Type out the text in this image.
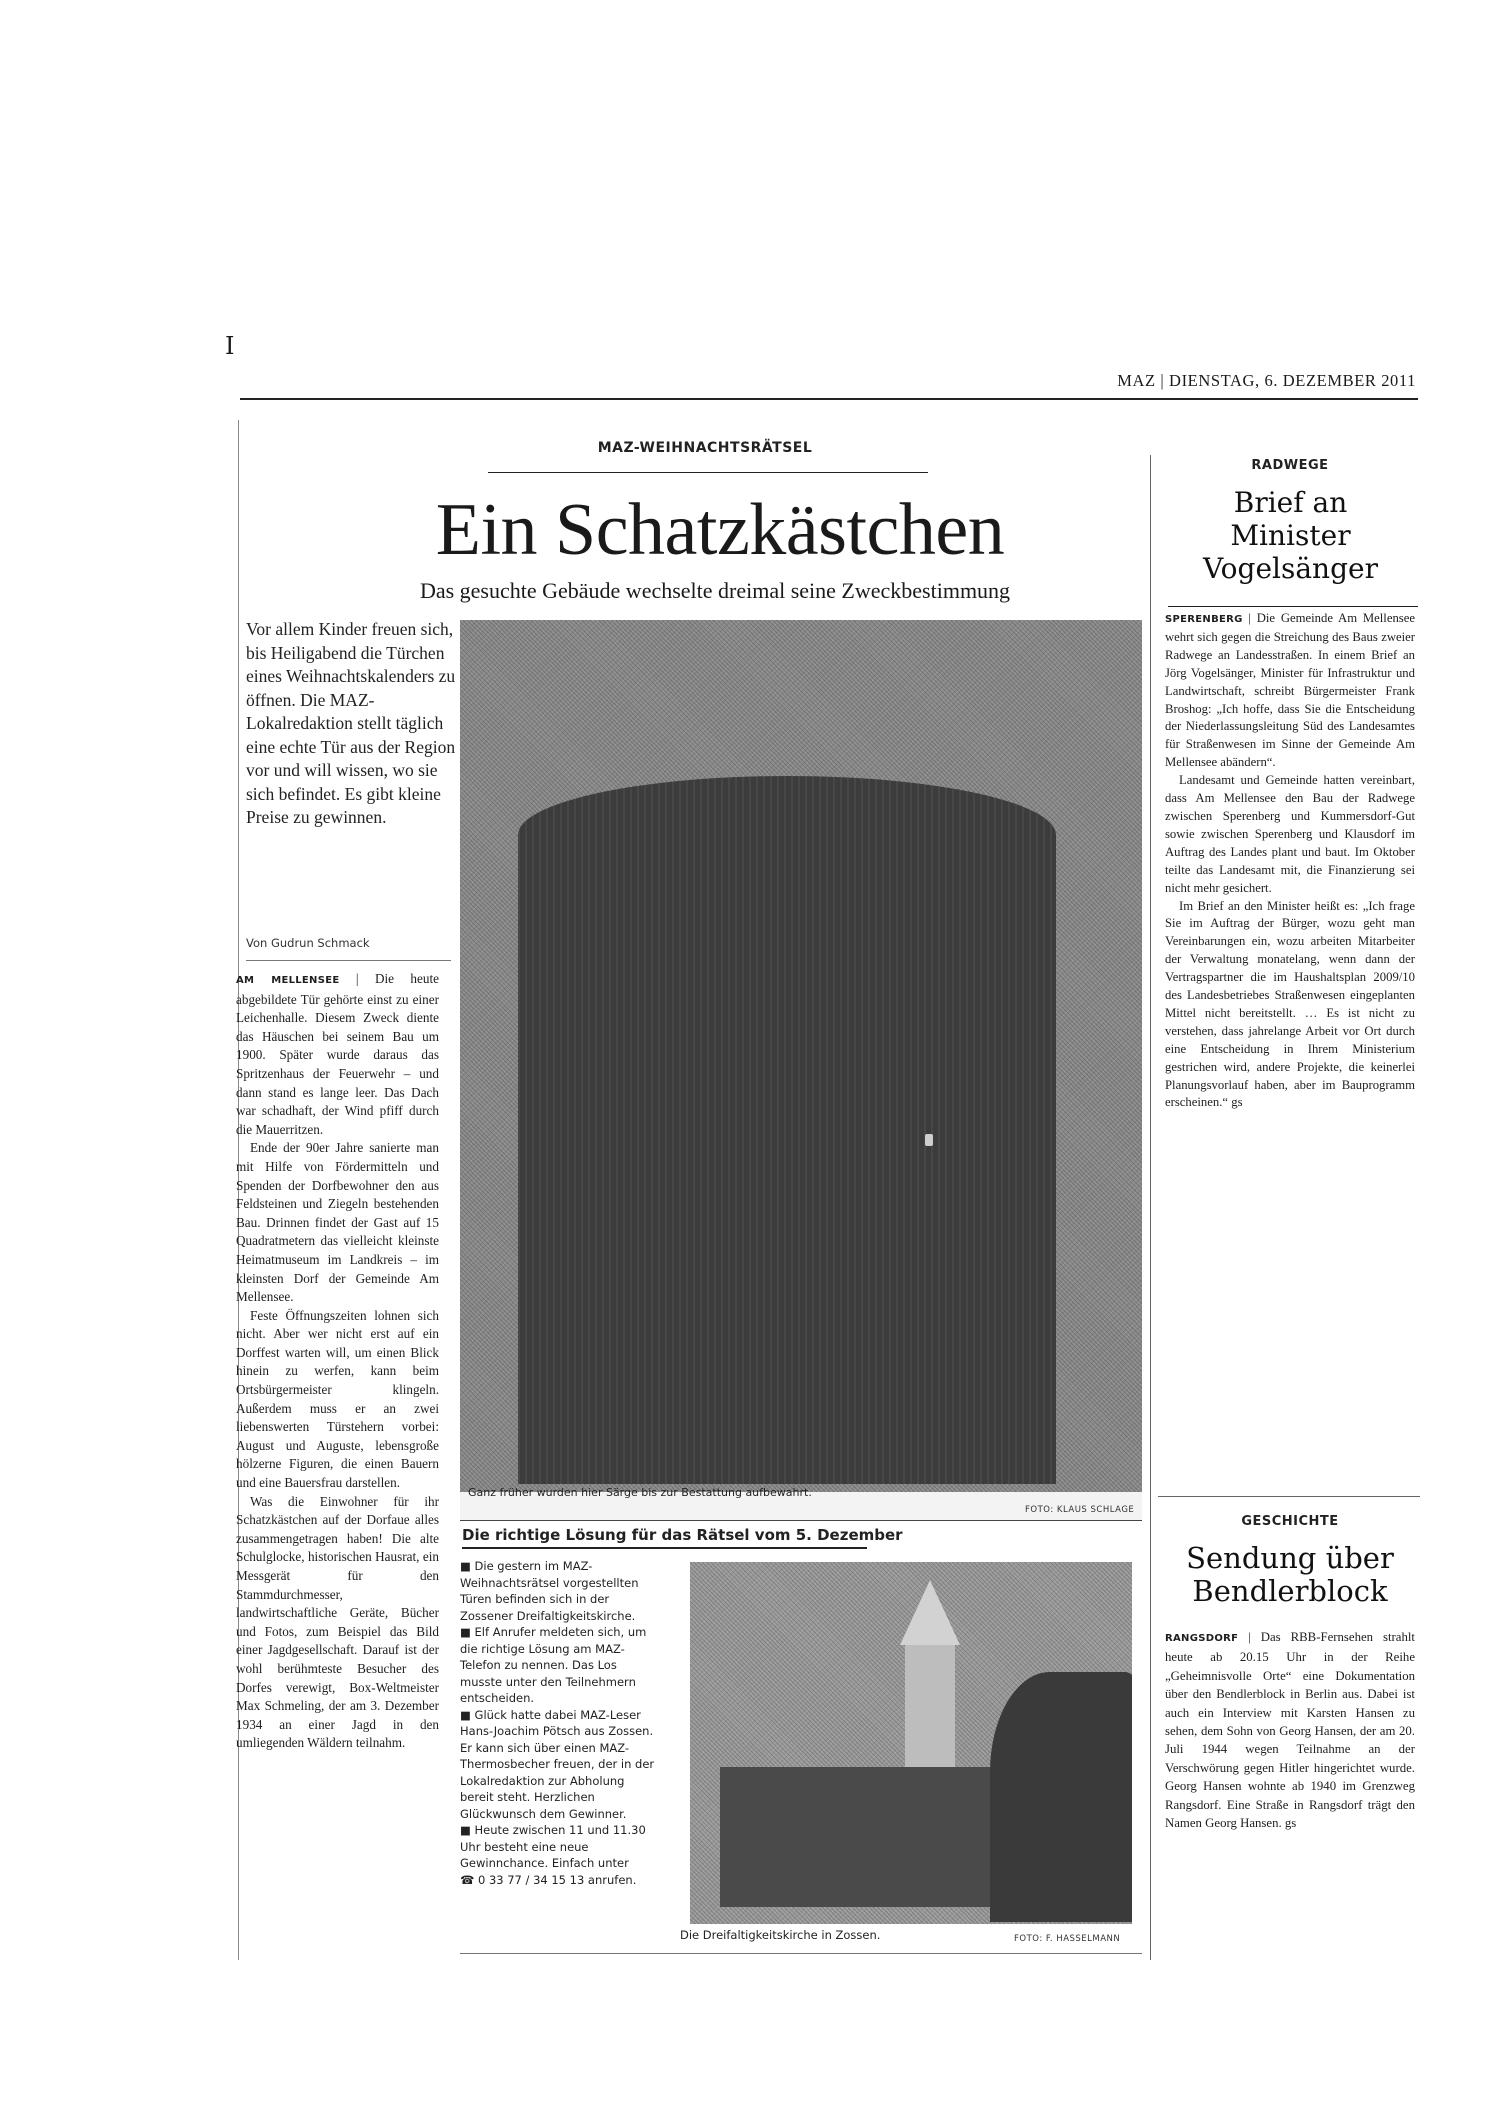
I
MAZ | DIENSTAG, 6. DEZEMBER 2011
MAZ-WEIHNACHTSRÄTSEL
Ein Schatzkästchen
Das gesuchte Gebäude wechselte dreimal seine Zweckbestimmung
Vor allem Kinder freuen sich, bis Heiligabend die Türchen eines Weihnachtskalenders zu öffnen. Die MAZ-Lokalredaktion stellt täglich eine echte Tür aus der Region vor und will wissen, wo sie sich befindet. Es gibt kleine Preise zu gewinnen.
Von Gudrun Schmack

AM MELLENSEE | Die heute abgebildete Tür gehörte einst zu einer Leichenhalle. Diesem Zweck diente das Häuschen bei seinem Bau um 1900. Später wurde daraus das Spritzenhaus der Feuerwehr – und dann stand es lange leer. Das Dach war schadhaft, der Wind pfiff durch die Mauerritzen.

Ende der 90er Jahre sanierte man mit Hilfe von Fördermitteln und Spenden der Dorfbewohner den aus Feldsteinen und Ziegeln bestehenden Bau. Drinnen findet der Gast auf 15 Quadratmetern das vielleicht kleinste Heimatmuseum im Landkreis – im kleinsten Dorf der Gemeinde Am Mellensee.

Feste Öffnungszeiten lohnen sich nicht. Aber wer nicht erst auf ein Dorffest warten will, um einen Blick hinein zu werfen, kann beim Ortsbürgermeister klingeln. Außerdem muss er an zwei liebenswerten Türstehern vorbei: August und Auguste, lebensgroße hölzerne Figuren, die einen Bauern und eine Bauersfrau darstellen.

Was die Einwohner für ihr Schatzkästchen auf der Dorfaue alles zusammengetragen haben! Die alte Schulglocke, historischen Hausrat, ein Messgerät für den Stammdurchmesser, landwirtschaftliche Geräte, Bücher und Fotos, zum Beispiel das Bild einer Jagdgesellschaft. Darauf ist der wohl berühmteste Besucher des Dorfes verewigt, Box-Weltmeister Max Schmeling, der am 3. Dezember 1934 an einer Jagd in den umliegenden Wäldern teilnahm.

Ganz früher wurden hier Särge bis zur Bestattung aufbewahrt.
FOTO: KLAUS SCHLAGE
Die richtige Lösung für das Rätsel vom 5. Dezember

■ Die gestern im MAZ-Weihnachtsrätsel vorgestellten Türen befinden sich in der Zossener Dreifaltigkeitskirche.

■ Elf Anrufer meldeten sich, um die richtige Lösung am MAZ-Telefon zu nennen. Das Los musste unter den Teilnehmern entscheiden.

■ Glück hatte dabei MAZ-Leser Hans-Joachim Pötsch aus Zossen. Er kann sich über einen MAZ-Thermosbecher freuen, der in der Lokalredaktion zur Abholung bereit steht. Herzlichen Glückwunsch dem Gewinner.

■ Heute zwischen 11 und 11.30 Uhr besteht eine neue Gewinnchance. Einfach unter

☎ 0 33 77 / 34 15 13 anrufen.

Die Dreifaltigkeitskirche in Zossen.	FOTO: F. HASSELMANN
RADWEGE
Brief an Minister Vogelsänger

SPERENBERG | Die Gemeinde Am Mellensee wehrt sich gegen die Streichung des Baus zweier Radwege an Landesstraßen. In einem Brief an Jörg Vogelsänger, Minister für Infrastruktur und Landwirtschaft, schreibt Bürgermeister Frank Broshog: „Ich hoffe, dass Sie die Entscheidung der Niederlassungsleitung Süd des Landesamtes für Straßenwesen im Sinne der Gemeinde Am Mellensee abändern“.

Landesamt und Gemeinde hatten vereinbart, dass Am Mellensee den Bau der Radwege zwischen Sperenberg und Kummersdorf-Gut sowie zwischen Sperenberg und Klausdorf im Auftrag des Landes plant und baut. Im Oktober teilte das Landesamt mit, die Finanzierung sei nicht mehr gesichert.

Im Brief an den Minister heißt es: „Ich frage Sie im Auftrag der Bürger, wozu geht man Vereinbarungen ein, wozu arbeiten Mitarbeiter der Verwaltung monatelang, wenn dann der Vertragspartner die im Haushaltsplan 2009/10 des Landesbetriebes Straßenwesen eingeplanten Mittel nicht bereitstellt. … Es ist nicht zu verstehen, dass jahrelange Arbeit vor Ort durch eine Entscheidung in Ihrem Ministerium gestrichen wird, andere Projekte, die keinerlei Planungsvorlauf haben, aber im Bauprogramm erscheinen.“ gs

GESCHICHTE
Sendung über Bendlerblock

RANGSDORF | Das RBB-Fernsehen strahlt heute ab 20.15 Uhr in der Reihe „Geheimnisvolle Orte“ eine Dokumentation über den Bendlerblock in Berlin aus. Dabei ist auch ein Interview mit Karsten Hansen zu sehen, dem Sohn von Georg Hansen, der am 20. Juli 1944 wegen Teilnahme an der Verschwörung gegen Hitler hingerichtet wurde. Georg Hansen wohnte ab 1940 im Grenzweg Rangsdorf. Eine Straße in Rangsdorf trägt den Namen Georg Hansen. gs
